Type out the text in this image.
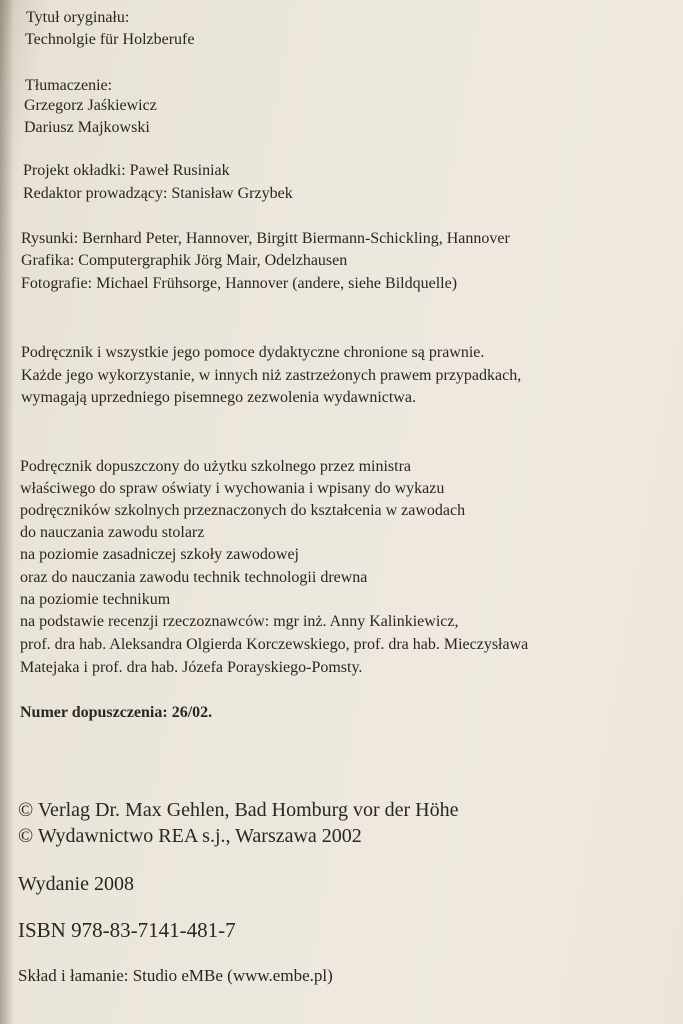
Tytuł oryginału:
Technolgie für Holzberufe
Tłumaczenie:
Grzegorz Jaśkiewicz
Dariusz Majkowski
Projekt okładki: Paweł Rusiniak
Redaktor prowadzący: Stanisław Grzybek
Rysunki: Bernhard Peter, Hannover, Birgitt Biermann-Schickling, Hannover
Grafika: Computergraphik Jörg Mair, Odelzhausen
Fotografie: Michael Frühsorge, Hannover (andere, siehe Bildquelle)
Podręcznik i wszystkie jego pomoce dydaktyczne chronione są prawnie.
Każde jego wykorzystanie, w innych niż zastrzeżonych prawem przypadkach,
wymagają uprzedniego pisemnego zezwolenia wydawnictwa.
Podręcznik dopuszczony do użytku szkolnego przez ministra
właściwego do spraw oświaty i wychowania i wpisany do wykazu
podręczników szkolnych przeznaczonych do kształcenia w zawodach
do nauczania zawodu stolarz
na poziomie zasadniczej szkoły zawodowej
oraz do nauczania zawodu technik technologii drewna
na poziomie technikum
na podstawie recenzji rzeczoznawców: mgr inż. Anny Kalinkiewicz,
prof. dra hab. Aleksandra Olgierda Korczewskiego, prof. dra hab. Mieczysława
Matejaka i prof. dra hab. Józefa Porayskiego-Pomsty.
Numer dopuszczenia: 26/02.
© Verlag Dr. Max Gehlen, Bad Homburg vor der Höhe
© Wydawnictwo REA s.j., Warszawa 2002
Wydanie 2008
ISBN 978-83-7141-481-7
Skład i łamanie: Studio eMBe (www.embe.pl)
